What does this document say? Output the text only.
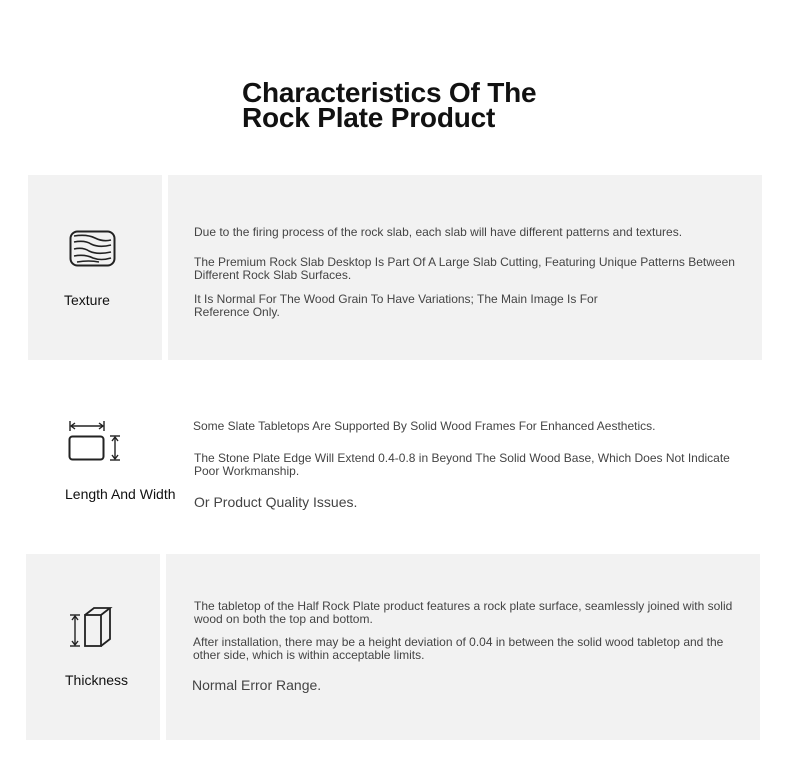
Characteristics Of The
Rock Plate Product
Texture
Due to the firing process of the rock slab, each slab will have different patterns and textures.
The Premium Rock Slab Desktop Is Part Of A Large Slab Cutting, Featuring Unique Patterns Between Different Rock Slab Surfaces.
It Is Normal For The Wood Grain To Have Variations; The Main Image Is For Reference Only.
Length And Width
Some Slate Tabletops Are Supported By Solid Wood Frames For Enhanced Aesthetics.
The Stone Plate Edge Will Extend 0.4-0.8 in Beyond The Solid Wood Base, Which Does Not Indicate Poor Workmanship.
Or Product Quality Issues.
Thickness
The tabletop of the Half Rock Plate product features a rock plate surface, seamlessly joined with solid wood on both the top and bottom.
After installation, there may be a height deviation of 0.04 in between the solid wood tabletop and the other side, which is within acceptable limits.
Normal Error Range.
